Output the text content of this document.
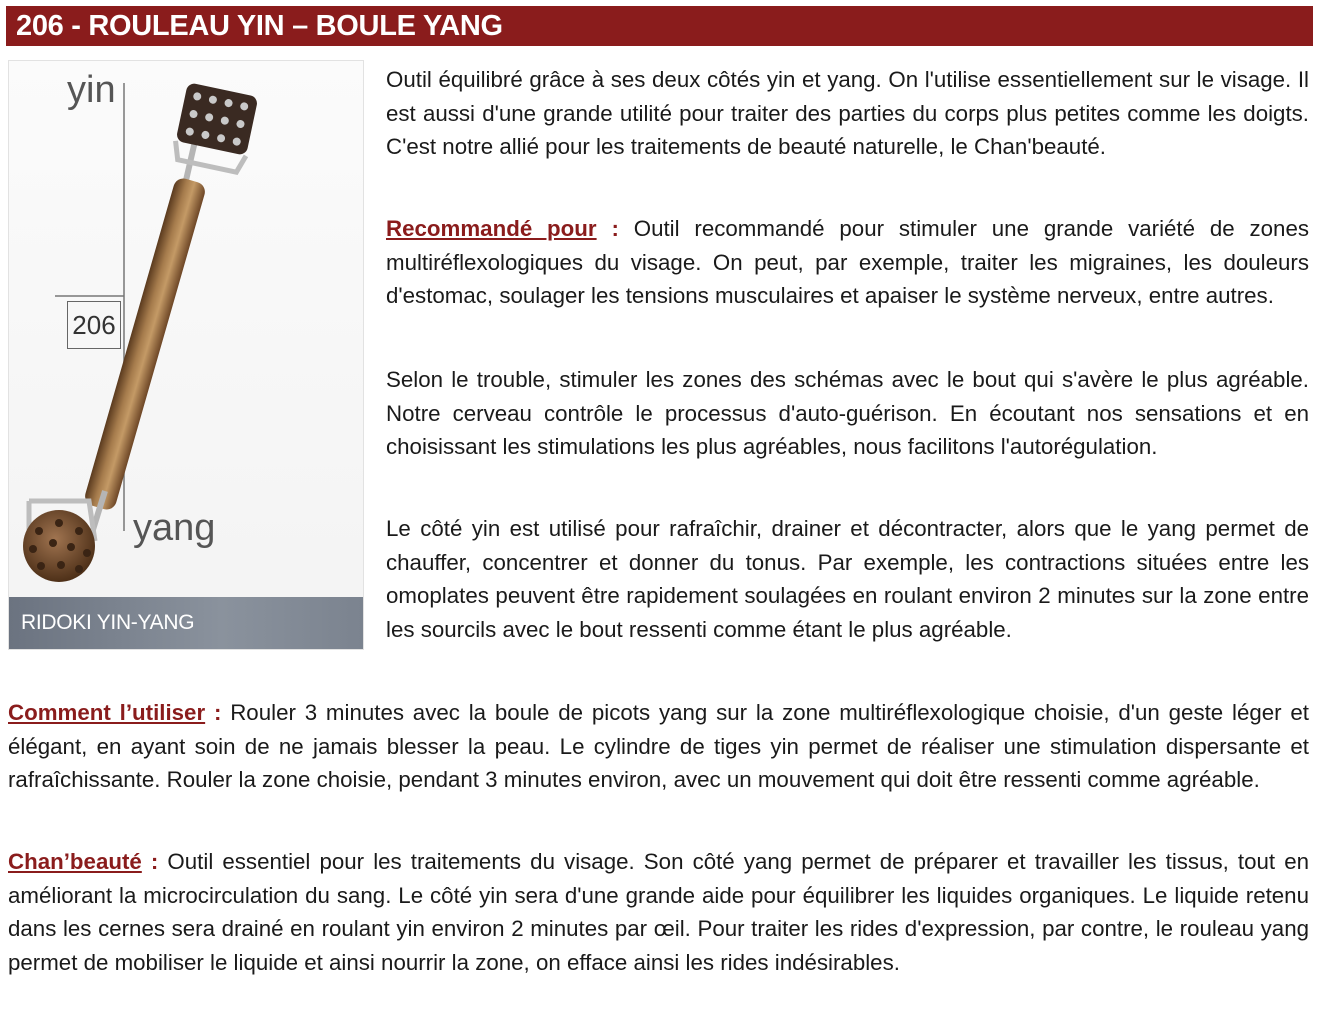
206 - ROULEAU YIN – BOULE YANG
yin
yang
206
RIDOKI YIN-YANG

Outil équilibré grâce à ses deux côtés yin et yang. On l'utilise essentiellement sur le visage. Il est aussi d'une grande utilité pour traiter des parties du corps plus petites comme les doigts. C'est notre allié pour les traitements de beauté naturelle, le Chan'beauté.

Recommandé pour : Outil recommandé pour stimuler une grande variété de zones multiréflexologiques du visage. On peut, par exemple, traiter les migraines, les douleurs d'estomac, soulager les tensions musculaires et apaiser le système nerveux, entre autres.

Selon le trouble, stimuler les zones des schémas avec le bout qui s'avère le plus agréable. Notre cerveau contrôle le processus d'auto-guérison. En écoutant nos sensations et en choisissant les stimulations les plus agréables, nous facilitons l'autorégulation.

Le côté yin est utilisé pour rafraîchir, drainer et décontracter, alors que le yang permet de chauffer, concentrer et donner du tonus. Par exemple, les contractions situées entre les omoplates peuvent être rapidement soulagées en roulant environ 2 minutes sur la zone entre les sourcils avec le bout ressenti comme étant le plus agréable.

Comment l’utiliser : Rouler 3 minutes avec la boule de picots yang sur la zone multiréflexologique choisie, d'un geste léger et élégant, en ayant soin de ne jamais blesser la peau. Le cylindre de tiges yin permet de réaliser une stimulation dispersante et rafraîchissante. Rouler la zone choisie, pendant 3 minutes environ, avec un mouvement qui doit être ressenti comme agréable.

Chan’beauté : Outil essentiel pour les traitements du visage. Son côté yang permet de préparer et travailler les tissus, tout en améliorant la microcirculation du sang. Le côté yin sera d'une grande aide pour équilibrer les liquides organiques. Le liquide retenu dans les cernes sera drainé en roulant yin environ 2 minutes par œil. Pour traiter les rides d'expression, par contre, le rouleau yang permet de mobiliser le liquide et ainsi nourrir la zone, on efface ainsi les rides indésirables.
